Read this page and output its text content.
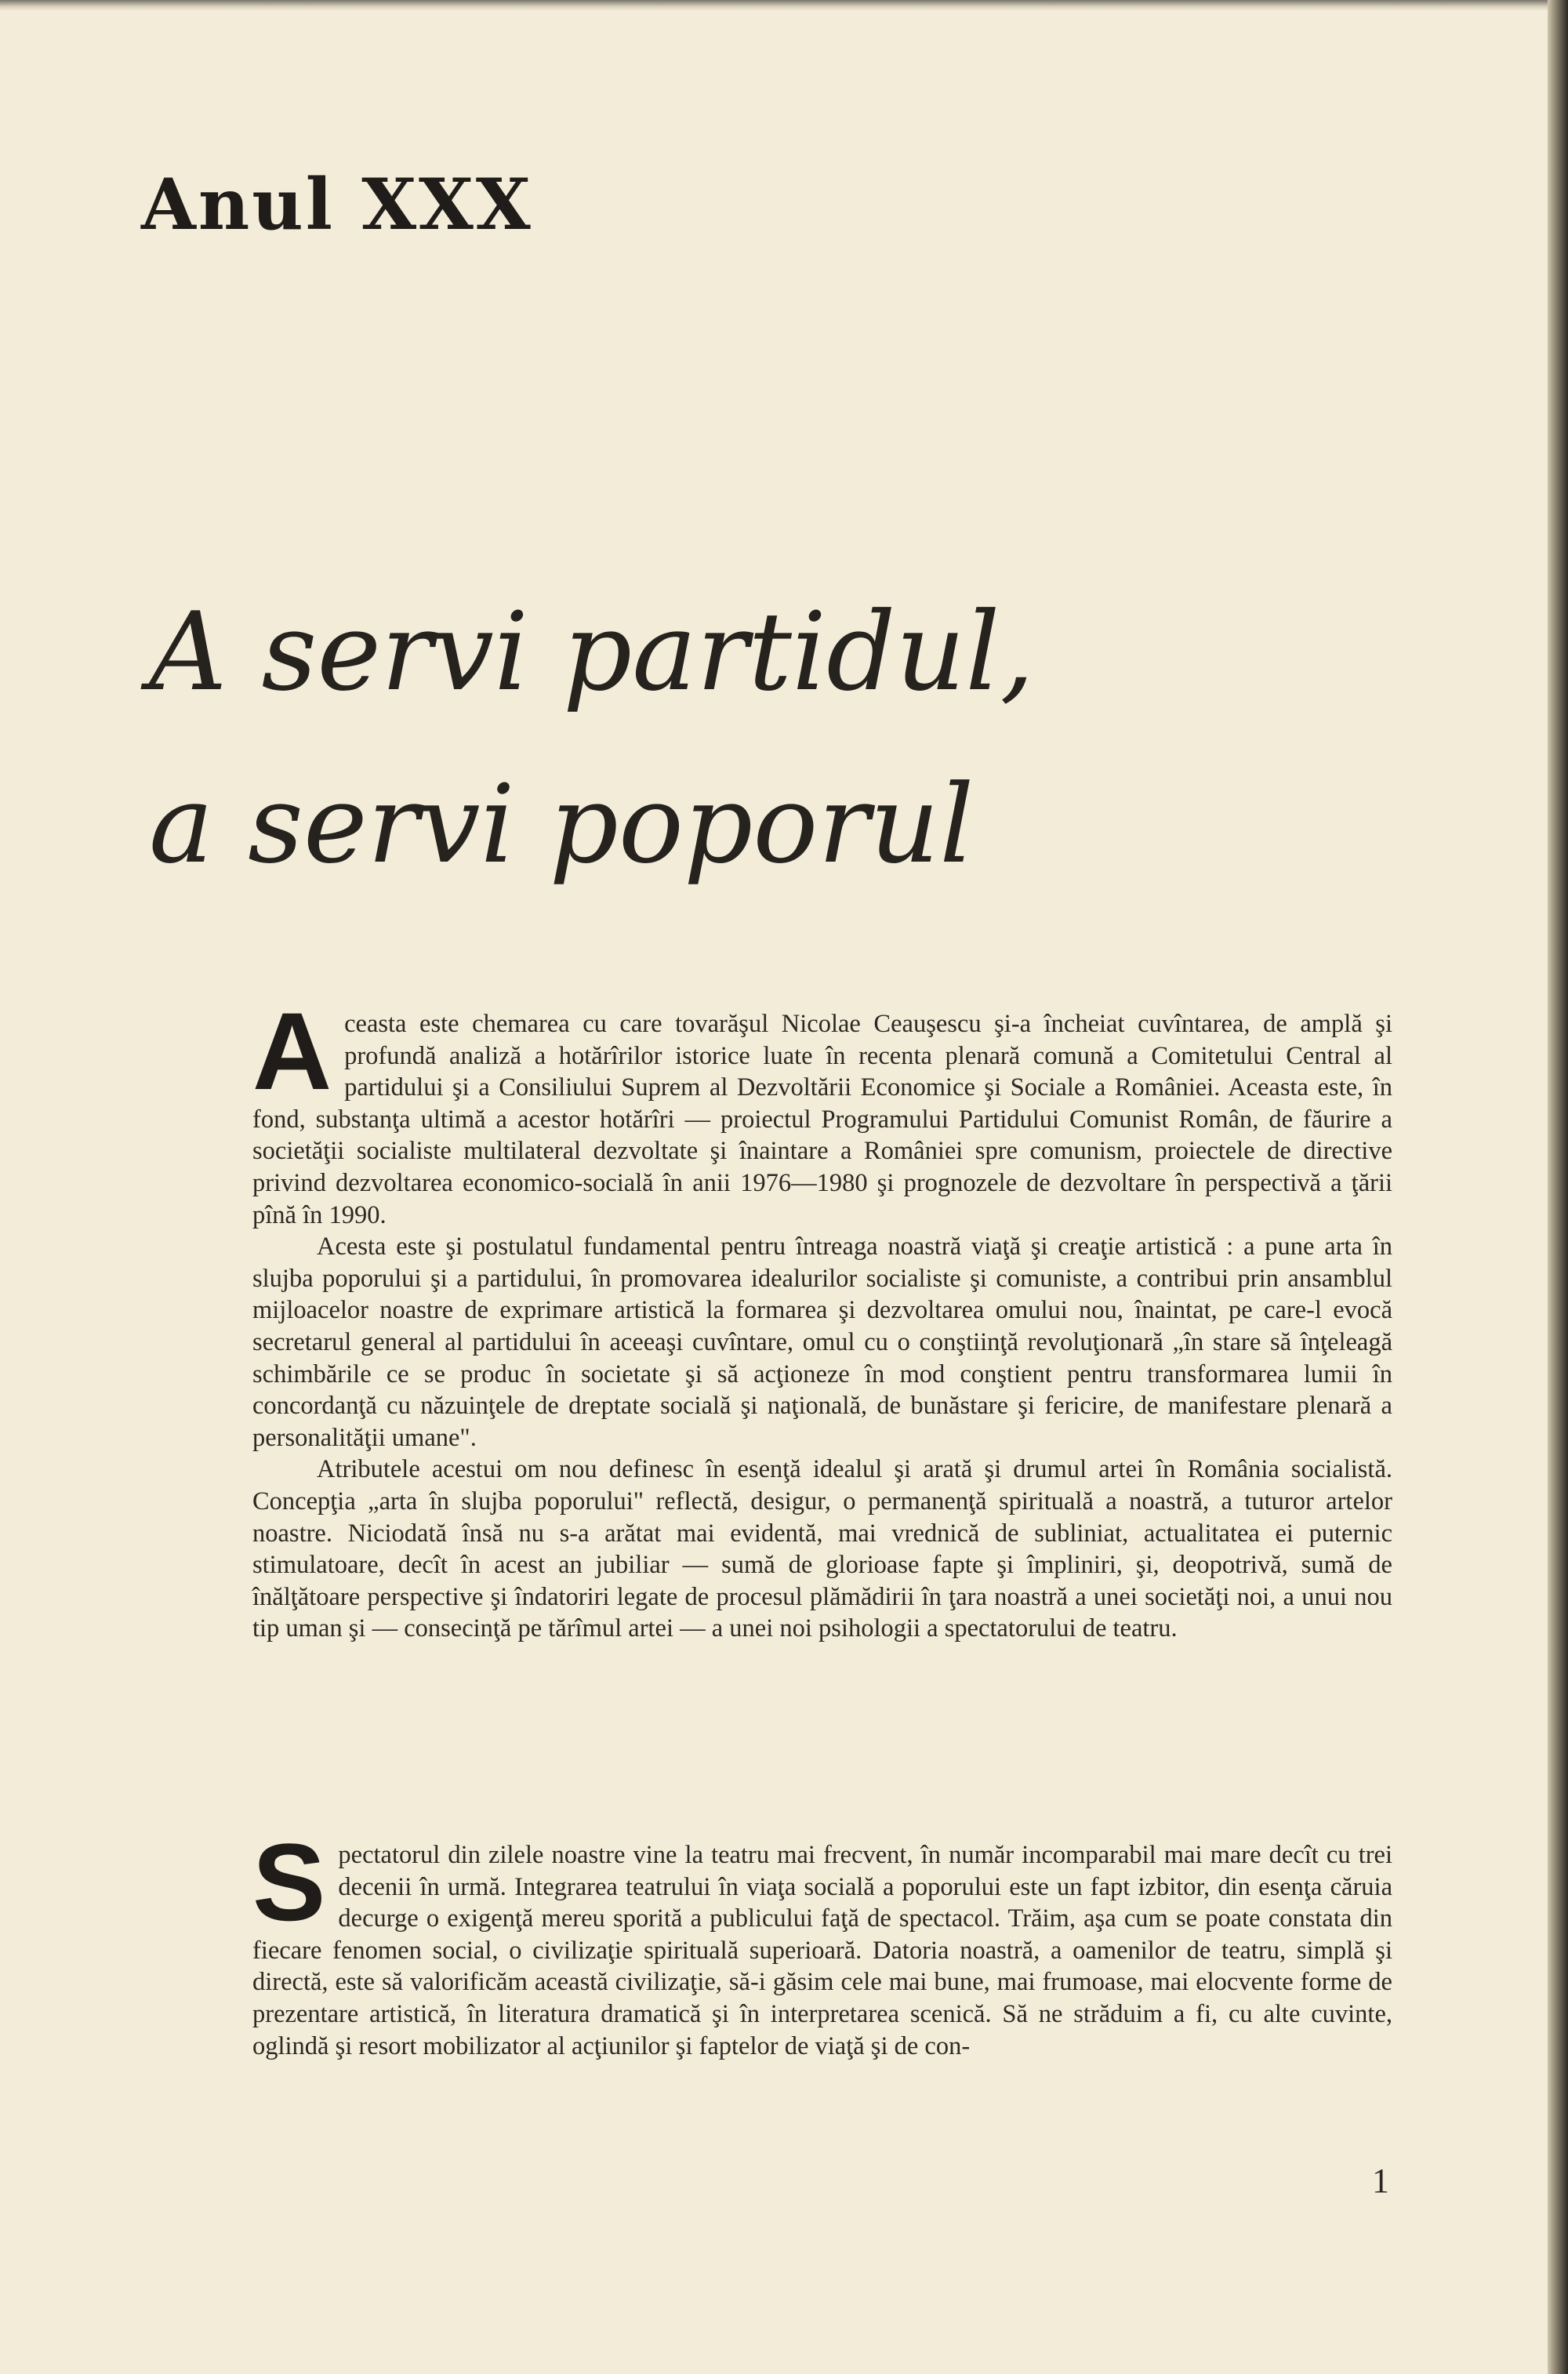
Anul XXX
A servi partidul,
a servi poporul

Aceasta este chemarea cu care tovarăşul Nicolae Ceauşescu şi-a încheiat cuvîntarea, de amplă şi profundă analiză a hotărîrilor istorice luate în recenta plenară comună a Comitetului Central al partidului şi a Consiliului Suprem al Dezvoltării Economice şi Sociale a României. Aceasta este, în fond, substanţa ultimă a acestor hotărîri — proiectul Programului Partidului Comunist Român, de făurire a societăţii socialiste multilateral dezvoltate şi înaintare a României spre comunism, proiectele de directive privind dezvoltarea economico-socială în anii 1976—1980 şi prognozele de dezvoltare în perspectivă a ţării pînă în 1990.

Acesta este şi postulatul fundamental pentru întreaga noastră viaţă şi creaţie artistică : a pune arta în slujba poporului şi a partidului, în promovarea idealurilor socialiste şi comuniste, a contribui prin ansamblul mijloacelor noastre de exprimare artistică la formarea şi dezvoltarea omului nou, înaintat, pe care-l evocă secretarul general al partidului în aceeaşi cuvîntare, omul cu o conştiinţă revoluţionară „în stare să înţeleagă schimbările ce se produc în societate şi să acţioneze în mod conştient pentru transformarea lumii în concordanţă cu năzuinţele de dreptate socială şi naţională, de bunăstare şi fericire, de manifestare plenară a personalităţii umane".

Atributele acestui om nou definesc în esenţă idealul şi arată şi drumul artei în România socialistă. Concepţia „arta în slujba poporului" reflectă, desigur, o permanenţă spirituală a noastră, a tuturor artelor noastre. Niciodată însă nu s-a arătat mai evidentă, mai vrednică de subliniat, actualitatea ei puternic stimulatoare, decît în acest an jubiliar — sumă de glorioase fapte şi împliniri, şi, deopotrivă, sumă de înălţătoare perspective şi îndatoriri legate de procesul plămădirii în ţara noastră a unei societăţi noi, a unui nou tip uman şi — consecinţă pe tărîmul artei — a unei noi psihologii a spectatorului de teatru.

Spectatorul din zilele noastre vine la teatru mai frecvent, în număr incomparabil mai mare decît cu trei decenii în urmă. Integrarea teatrului în viaţa socială a poporului este un fapt izbitor, din esenţa căruia decurge o exigenţă mereu sporită a publicului faţă de spectacol. Trăim, aşa cum se poate constata din fiecare fenomen social, o civilizaţie spirituală superioară. Datoria noastră, a oamenilor de teatru, simplă şi directă, este să valorificăm această civilizaţie, să-i găsim cele mai bune, mai frumoase, mai elocvente forme de prezentare artistică, în literatura dramatică şi în interpretarea scenică. Să ne străduim a fi, cu alte cuvinte, oglindă şi resort mobilizator al acţiunilor şi faptelor de viaţă şi de con-

1
